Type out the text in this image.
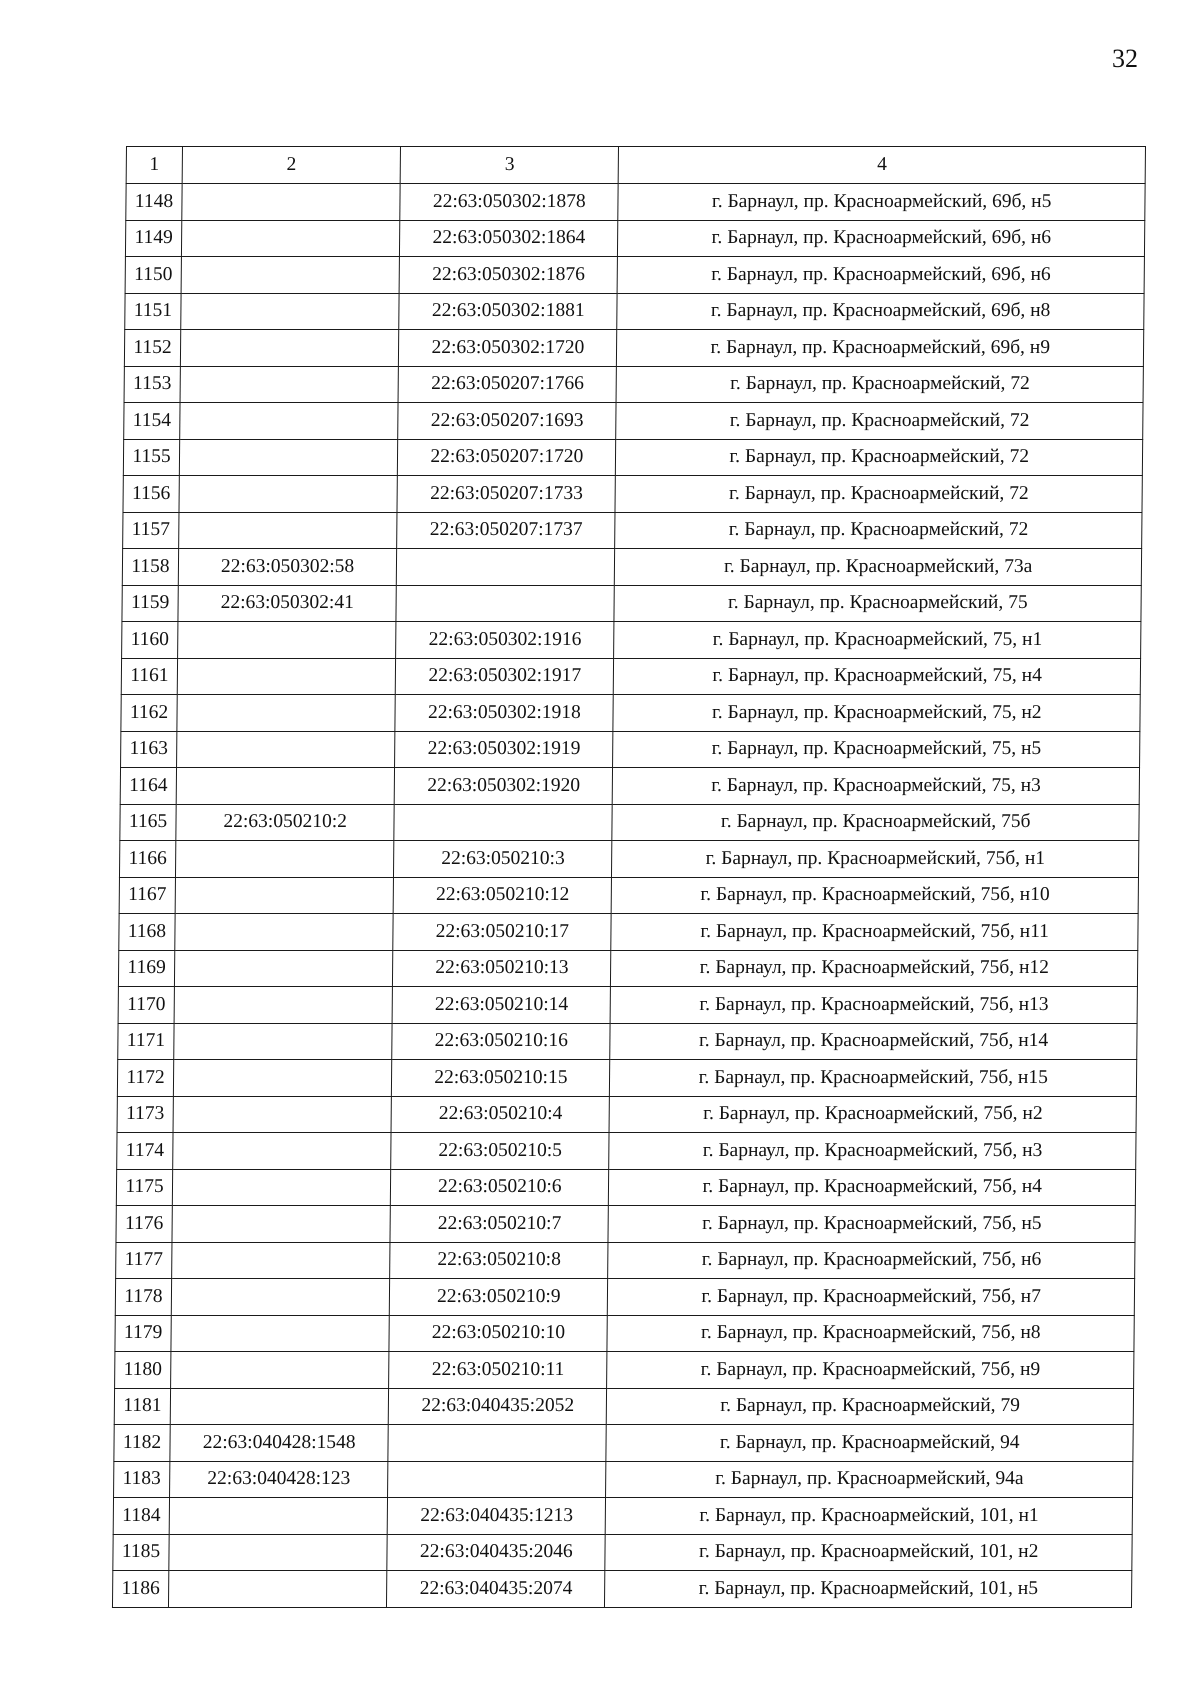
32
1	2	3	4
1148		22:63:050302:1878	г. Барнаул, пр. Красноармейский, 69б, н5
1149		22:63:050302:1864	г. Барнаул, пр. Красноармейский, 69б, н6
1150		22:63:050302:1876	г. Барнаул, пр. Красноармейский, 69б, н6
1151		22:63:050302:1881	г. Барнаул, пр. Красноармейский, 69б, н8
1152		22:63:050302:1720	г. Барнаул, пр. Красноармейский, 69б, н9
1153		22:63:050207:1766	г. Барнаул, пр. Красноармейский, 72
1154		22:63:050207:1693	г. Барнаул, пр. Красноармейский, 72
1155		22:63:050207:1720	г. Барнаул, пр. Красноармейский, 72
1156		22:63:050207:1733	г. Барнаул, пр. Красноармейский, 72
1157		22:63:050207:1737	г. Барнаул, пр. Красноармейский, 72
1158	22:63:050302:58		г. Барнаул, пр. Красноармейский, 73а
1159	22:63:050302:41		г. Барнаул, пр. Красноармейский, 75
1160		22:63:050302:1916	г. Барнаул, пр. Красноармейский, 75, н1
1161		22:63:050302:1917	г. Барнаул, пр. Красноармейский, 75, н4
1162		22:63:050302:1918	г. Барнаул, пр. Красноармейский, 75, н2
1163		22:63:050302:1919	г. Барнаул, пр. Красноармейский, 75, н5
1164		22:63:050302:1920	г. Барнаул, пр. Красноармейский, 75, н3
1165	22:63:050210:2		г. Барнаул, пр. Красноармейский, 75б
1166		22:63:050210:3	г. Барнаул, пр. Красноармейский, 75б, н1
1167		22:63:050210:12	г. Барнаул, пр. Красноармейский, 75б, н10
1168		22:63:050210:17	г. Барнаул, пр. Красноармейский, 75б, н11
1169		22:63:050210:13	г. Барнаул, пр. Красноармейский, 75б, н12
1170		22:63:050210:14	г. Барнаул, пр. Красноармейский, 75б, н13
1171		22:63:050210:16	г. Барнаул, пр. Красноармейский, 75б, н14
1172		22:63:050210:15	г. Барнаул, пр. Красноармейский, 75б, н15
1173		22:63:050210:4	г. Барнаул, пр. Красноармейский, 75б, н2
1174		22:63:050210:5	г. Барнаул, пр. Красноармейский, 75б, н3
1175		22:63:050210:6	г. Барнаул, пр. Красноармейский, 75б, н4
1176		22:63:050210:7	г. Барнаул, пр. Красноармейский, 75б, н5
1177		22:63:050210:8	г. Барнаул, пр. Красноармейский, 75б, н6
1178		22:63:050210:9	г. Барнаул, пр. Красноармейский, 75б, н7
1179		22:63:050210:10	г. Барнаул, пр. Красноармейский, 75б, н8
1180		22:63:050210:11	г. Барнаул, пр. Красноармейский, 75б, н9
1181		22:63:040435:2052	г. Барнаул, пр. Красноармейский, 79
1182	22:63:040428:1548		г. Барнаул, пр. Красноармейский, 94
1183	22:63:040428:123		г. Барнаул, пр. Красноармейский, 94а
1184		22:63:040435:1213	г. Барнаул, пр. Красноармейский, 101, н1
1185		22:63:040435:2046	г. Барнаул, пр. Красноармейский, 101, н2
1186		22:63:040435:2074	г. Барнаул, пр. Красноармейский, 101, н5
